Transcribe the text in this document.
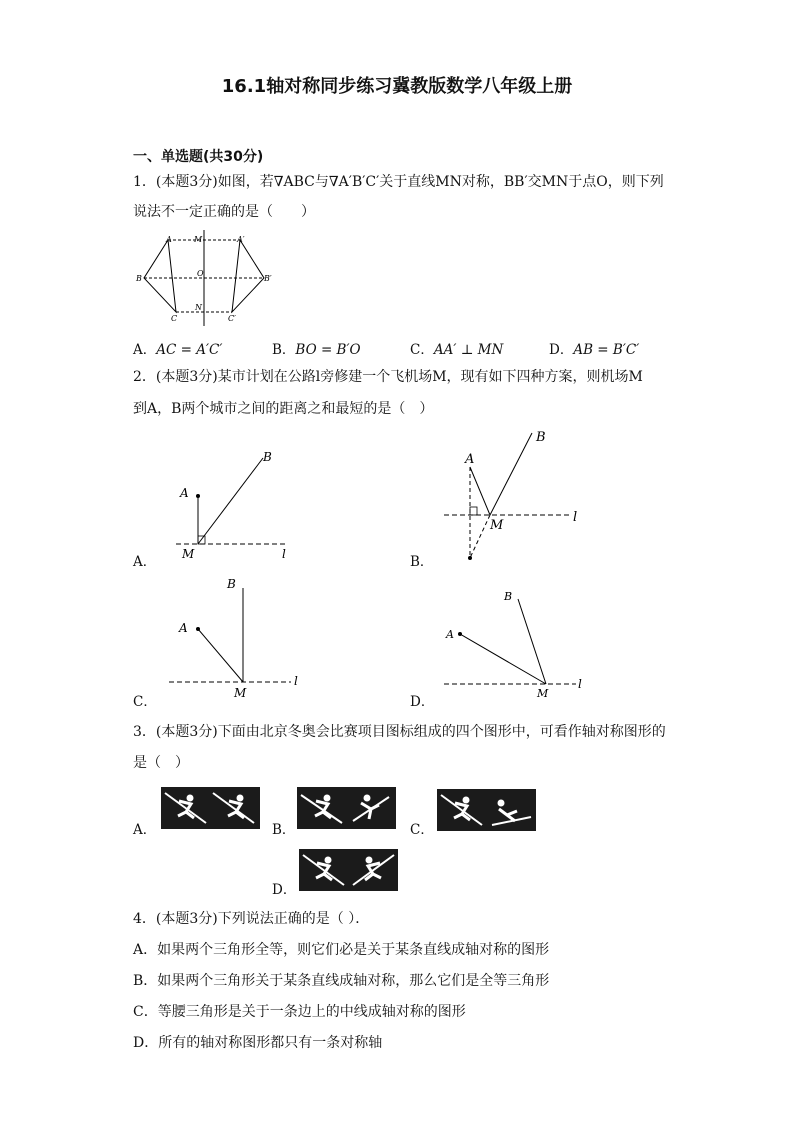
16.1轴对称同步练习冀教版数学八年级上册
一、单选题(共30分)
1．(本题3分)如图，若∇ABC与∇A′B′C′关于直线MN对称，BB′交MN于点O，则下列
说法不一定正确的是（　　）
A	M	A′
B
O
B′
C
N
C′
A．AC = A′C′	B．BO = B′O	C．AA′ ⊥ MN	D．AB = B′C′
2．(本题3分)某市计划在公路l旁修建一个飞机场M，现有如下四种方案，则机场M
到A，B两个城市之间的距离之和最短的是（　）
A．
A
B
M	l	B．
A
B
M
l
C．
A
B
M
l
D．
A
B
M
l
3．(本题3分)下面由北京冬奥会比赛项目图标组成的四个图形中，可看作轴对称图形的
是（　）
A．	B．	C．
D．
4．(本题3分)下列说法正确的是（ ）．
A．如果两个三角形全等，则它们必是关于某条直线成轴对称的图形
B．如果两个三角形关于某条直线成轴对称，那么它们是全等三角形
C．等腰三角形是关于一条边上的中线成轴对称的图形
D．所有的轴对称图形都只有一条对称轴
